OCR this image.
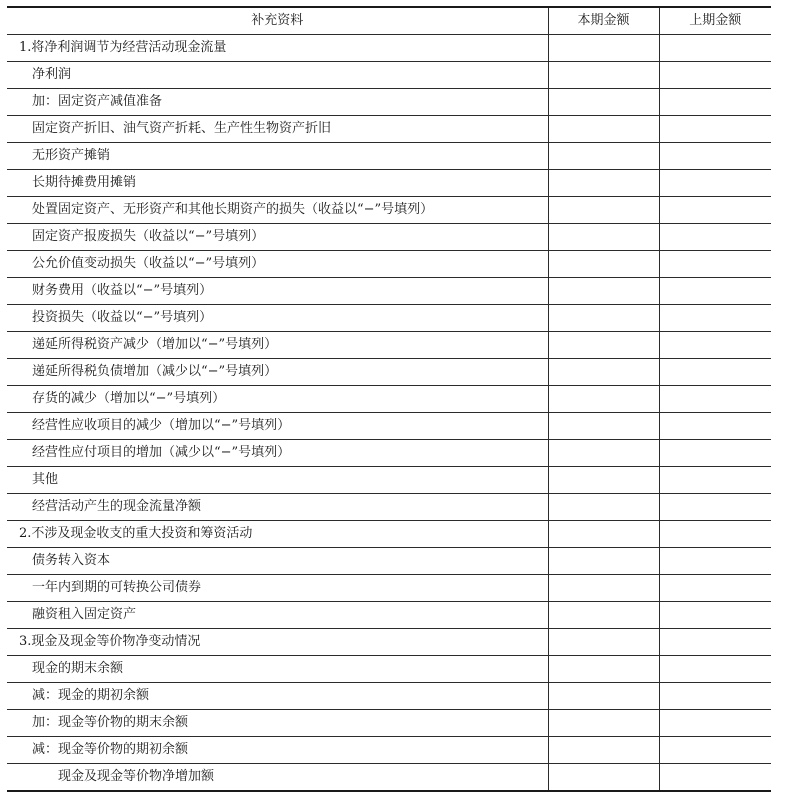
补充资料	本期金额	上期金额
1.将净利润调节为经营活动现金流量		
净利润		
加：固定资产减值准备		
固定资产折旧、油气资产折耗、生产性生物资产折旧		
无形资产摊销		
长期待摊费用摊销		
处置固定资产、无形资产和其他长期资产的损失（收益以“−”号填列）		
固定资产报废损失（收益以“−”号填列）		
公允价值变动损失（收益以“−”号填列）		
财务费用（收益以“−”号填列）		
投资损失（收益以“−”号填列）		
递延所得税资产减少（增加以“−”号填列）		
递延所得税负债增加（减少以“−”号填列）		
存货的减少（增加以“−”号填列）		
经营性应收项目的减少（增加以“−”号填列）		
经营性应付项目的增加（减少以“−”号填列）		
其他		
经营活动产生的现金流量净额		
2.不涉及现金收支的重大投资和筹资活动		
债务转入资本		
一年内到期的可转换公司债券		
融资租入固定资产		
3.现金及现金等价物净变动情况		
现金的期末余额		
减：现金的期初余额		
加：现金等价物的期末余额		
减：现金等价物的期初余额		
现金及现金等价物净增加额		
